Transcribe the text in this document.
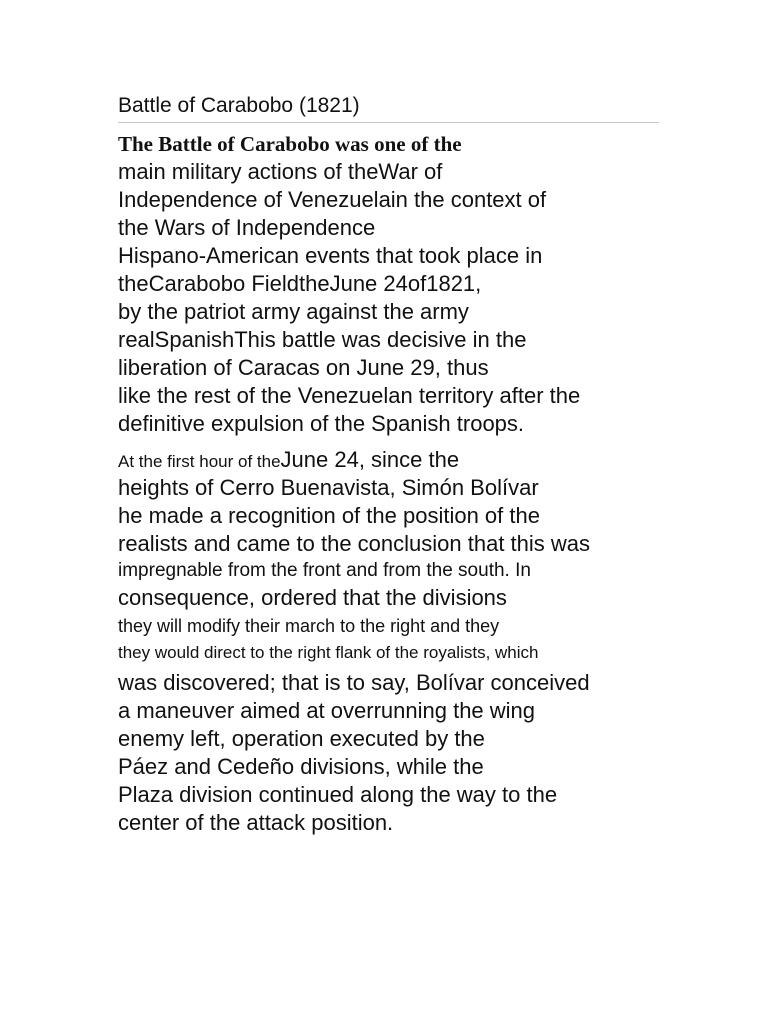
Battle of Carabobo (1821)
The Battle of Carabobo was one of the
main military actions of theWar of
Independence of Venezuelain the context of
the Wars of Independence
Hispano-American events that took place in
theCarabobo FieldtheJune 24of1821,
by the patriot army against the army
realSpanishThis battle was decisive in the
liberation of Caracas on June 29, thus
like the rest of the Venezuelan territory after the
definitive expulsion of the Spanish troops.
At the first hour of theJune 24, since the
heights of Cerro Buenavista, Simón Bolívar
he made a recognition of the position of the
realists and came to the conclusion that this was
impregnable from the front and from the south. In
consequence, ordered that the divisions
they will modify their march to the right and they
they would direct to the right flank of the royalists, which
was discovered; that is to say, Bolívar conceived
a maneuver aimed at overrunning the wing
enemy left, operation executed by the
Páez and Cedeño divisions, while the
Plaza division continued along the way to the
center of the attack position.
